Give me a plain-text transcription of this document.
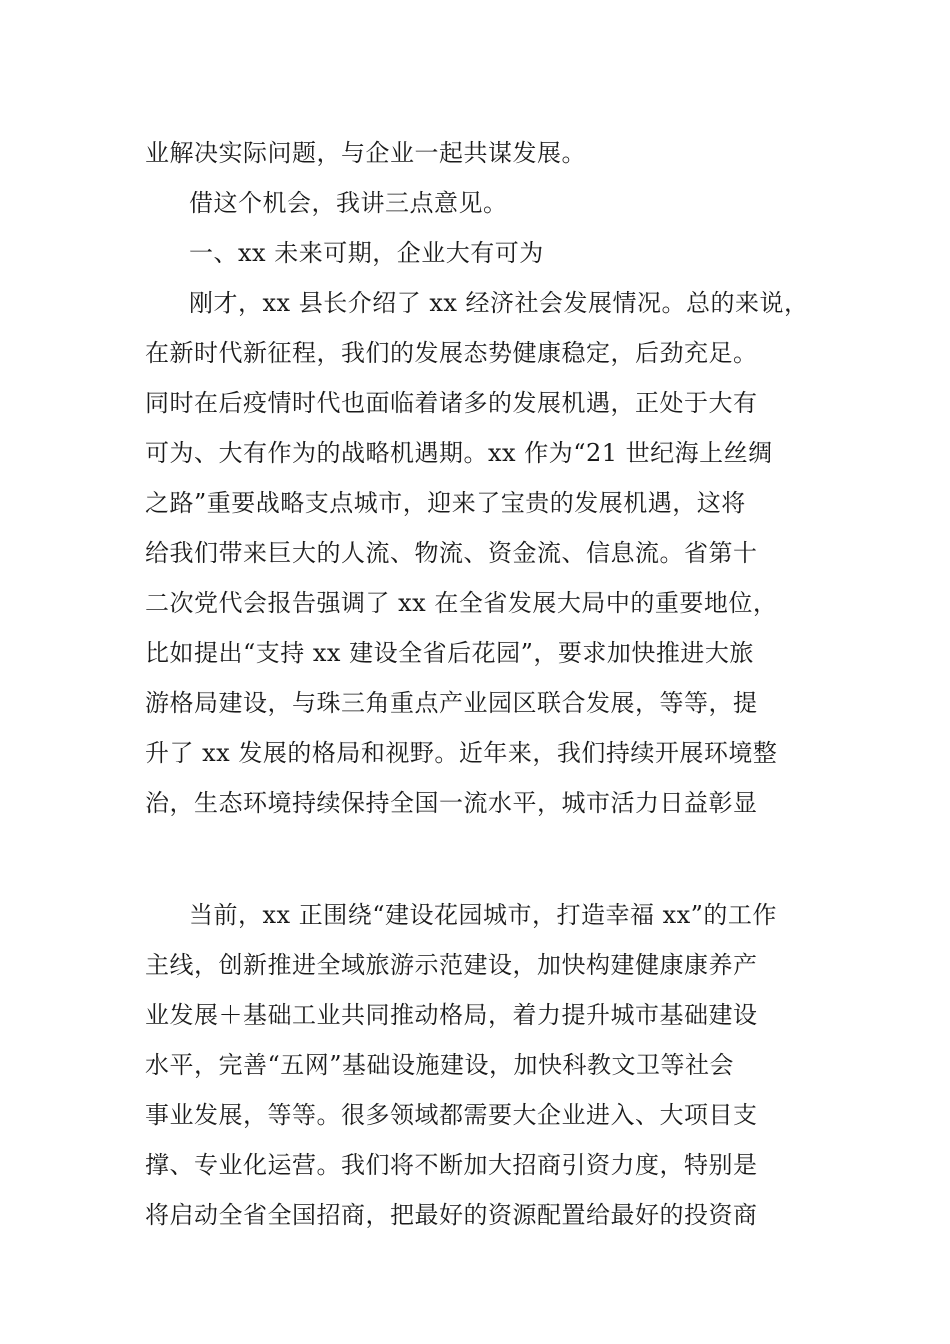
业解决实际问题，与企业一起共谋发展。
借这个机会，我讲三点意见。
一、xx 未来可期，企业大有可为
刚才，xx 县长介绍了 xx 经济社会发展情况。总的来说，
在新时代新征程，我们的发展态势健康稳定，后劲充足。
同时在后疫情时代也面临着诸多的发展机遇，正处于大有
可为、大有作为的战略机遇期。xx 作为“21 世纪海上丝绸
之路”重要战略支点城市，迎来了宝贵的发展机遇，这将
给我们带来巨大的人流、物流、资金流、信息流。省第十
二次党代会报告强调了 xx 在全省发展大局中的重要地位，
比如提出“支持 xx 建设全省后花园”，要求加快推进大旅
游格局建设，与珠三角重点产业园区联合发展，等等，提
升了 xx 发展的格局和视野。近年来，我们持续开展环境整
治，生态环境持续保持全国一流水平，城市活力日益彰显
当前，xx 正围绕“建设花园城市，打造幸福 xx”的工作
主线，创新推进全域旅游示范建设，加快构建健康康养产
业发展＋基础工业共同推动格局，着力提升城市基础建设
水平，完善“五网”基础设施建设，加快科教文卫等社会
事业发展，等等。很多领域都需要大企业进入、大项目支
撑、专业化运营。我们将不断加大招商引资力度，特别是
将启动全省全国招商，把最好的资源配置给最好的投资商
